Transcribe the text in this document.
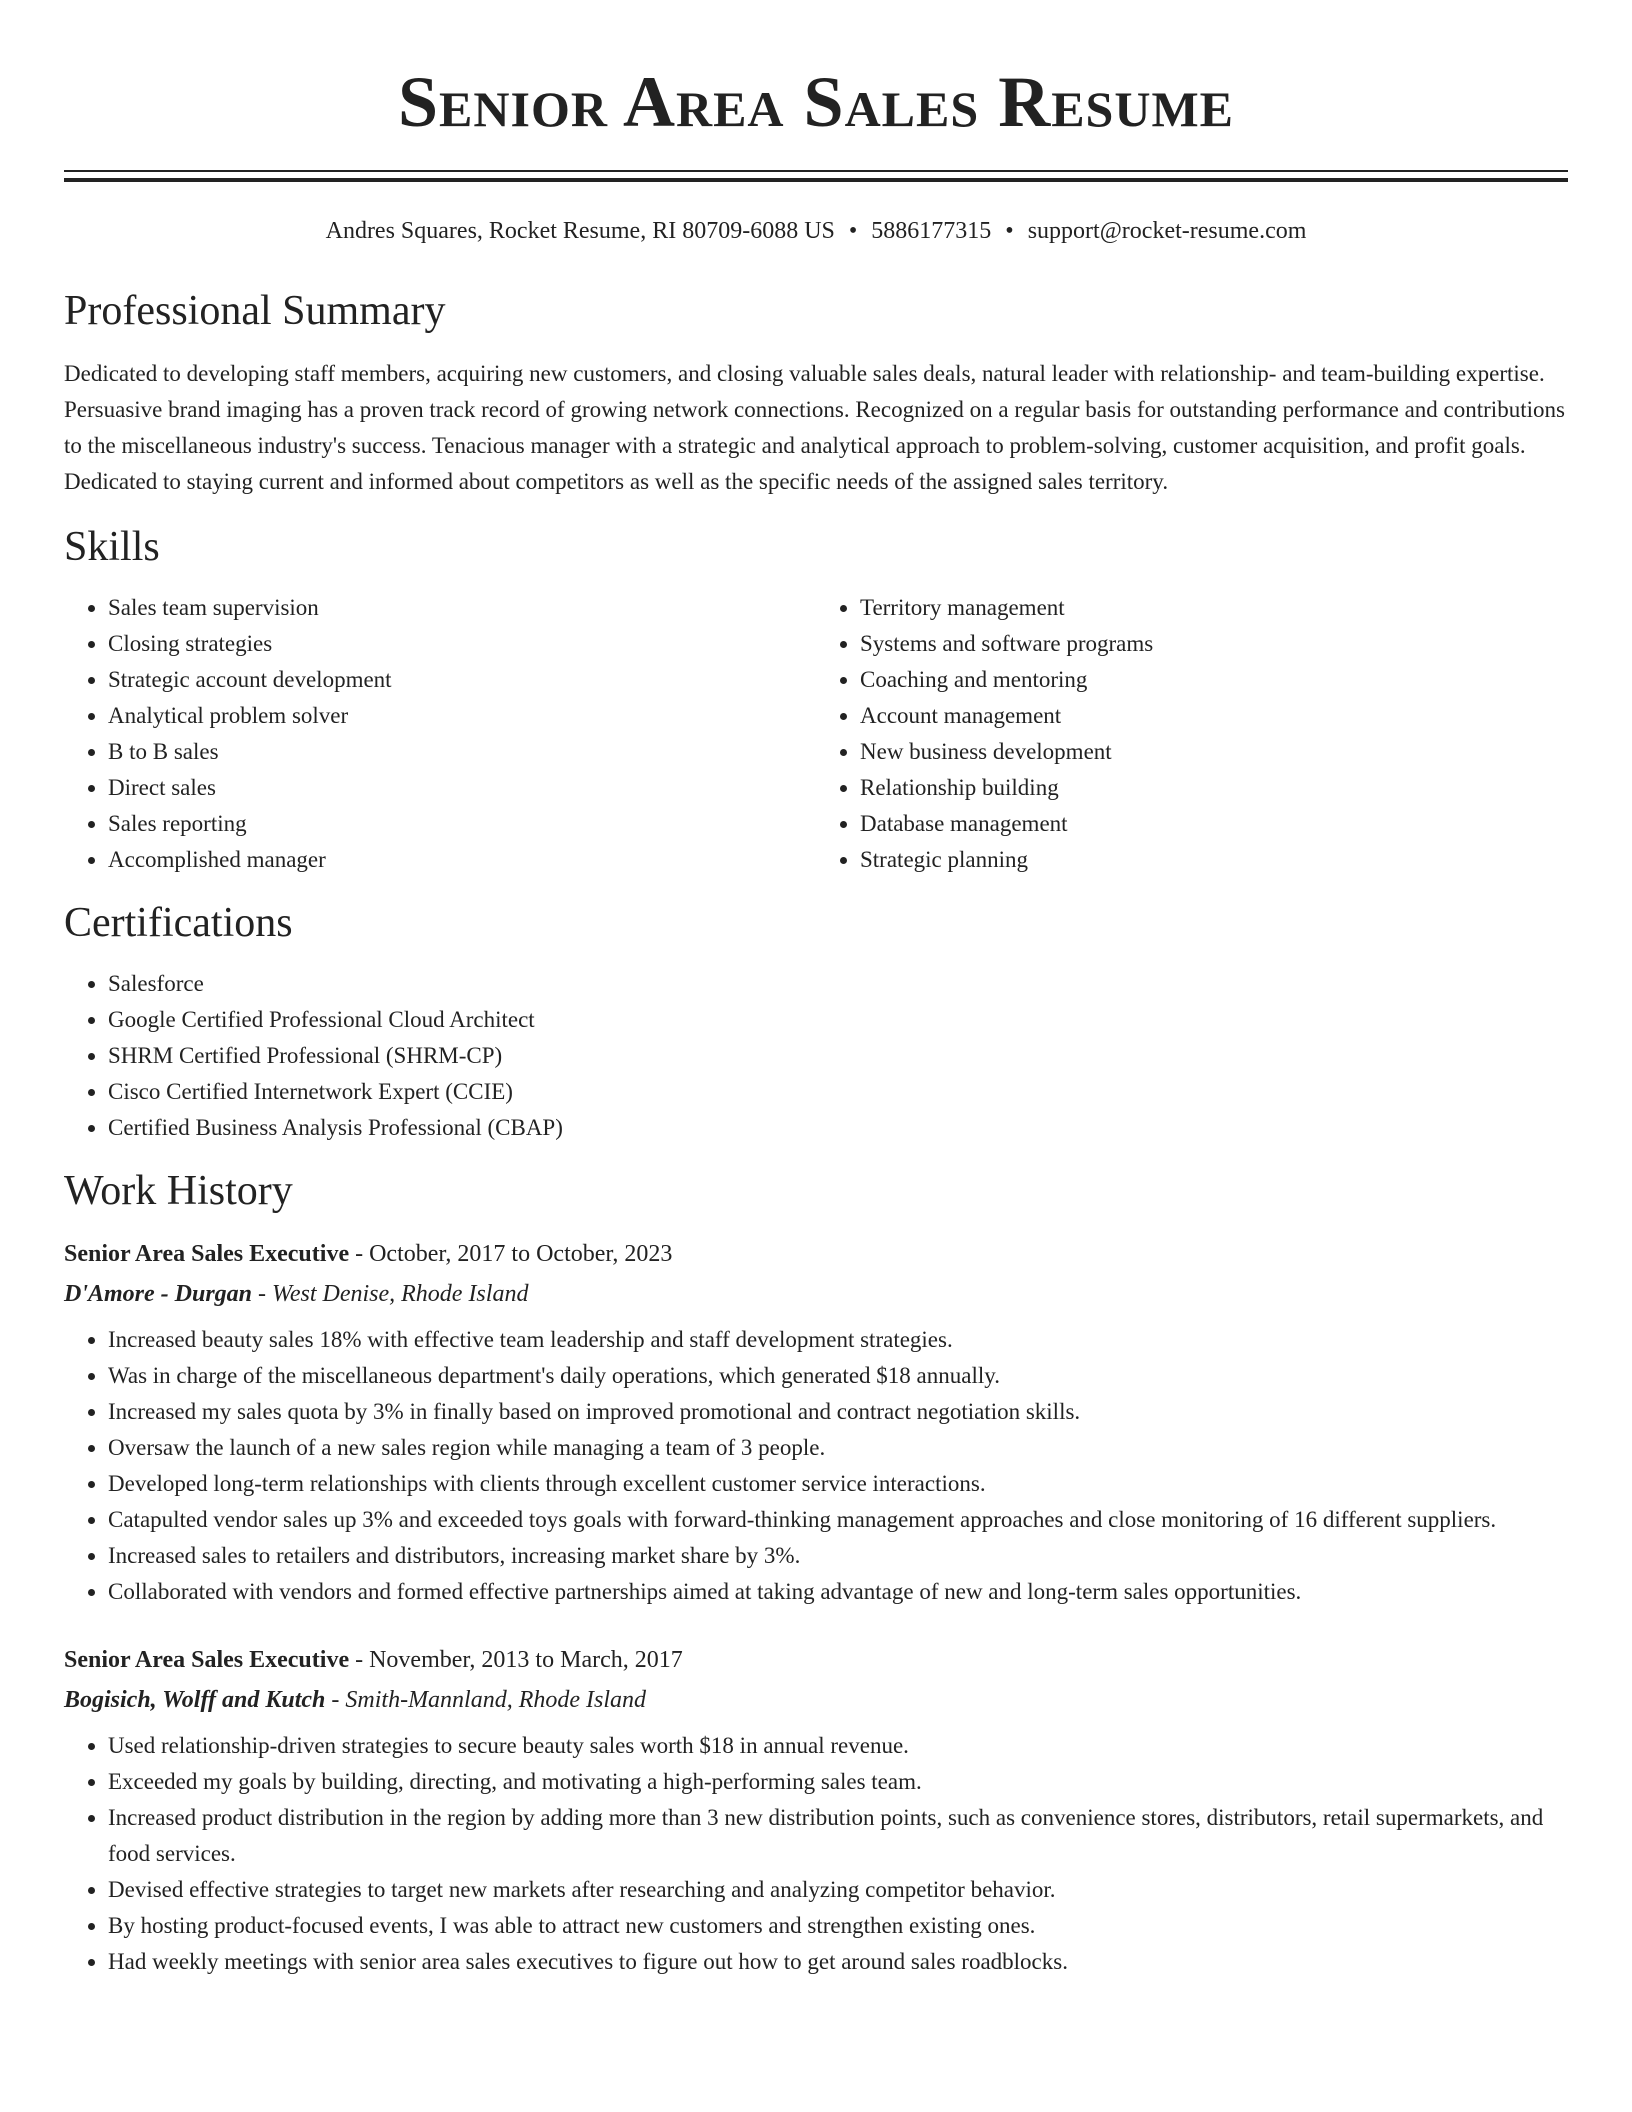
Senior Area Sales Resume
Andres Squares, Rocket Resume, RI 80709-6088 US • 5886177315 • support@rocket-resume.com
Professional Summary
Dedicated to developing staff members, acquiring new customers, and closing valuable sales deals, natural leader with relationship- and team-building expertise. Persuasive brand imaging has a proven track record of growing network connections. Recognized on a regular basis for outstanding performance and contributions to the miscellaneous industry's success. Tenacious manager with a strategic and analytical approach to problem-solving, customer acquisition, and profit goals. Dedicated to staying current and informed about competitors as well as the specific needs of the assigned sales territory.
Skills
• Sales team supervision
• Closing strategies
• Strategic account development
• Analytical problem solver
• B to B sales
• Direct sales
• Sales reporting
• Accomplished manager
• Territory management
• Systems and software programs
• Coaching and mentoring
• Account management
• New business development
• Relationship building
• Database management
• Strategic planning
Certifications
• Salesforce
• Google Certified Professional Cloud Architect
• SHRM Certified Professional (SHRM-CP)
• Cisco Certified Internetwork Expert (CCIE)
• Certified Business Analysis Professional (CBAP)
Work History
Senior Area Sales Executive - October, 2017 to October, 2023
D'Amore - Durgan - West Denise, Rhode Island
• Increased beauty sales 18% with effective team leadership and staff development strategies.
• Was in charge of the miscellaneous department's daily operations, which generated $18 annually.
• Increased my sales quota by 3% in finally based on improved promotional and contract negotiation skills.
• Oversaw the launch of a new sales region while managing a team of 3 people.
• Developed long-term relationships with clients through excellent customer service interactions.
• Catapulted vendor sales up 3% and exceeded toys goals with forward-thinking management approaches and close monitoring of 16 different suppliers.
• Increased sales to retailers and distributors, increasing market share by 3%.
• Collaborated with vendors and formed effective partnerships aimed at taking advantage of new and long-term sales opportunities.
Senior Area Sales Executive - November, 2013 to March, 2017
Bogisich, Wolff and Kutch - Smith-Mannland, Rhode Island
• Used relationship-driven strategies to secure beauty sales worth $18 in annual revenue.
• Exceeded my goals by building, directing, and motivating a high-performing sales team.
• Increased product distribution in the region by adding more than 3 new distribution points, such as convenience stores, distributors, retail supermarkets, and food services.
• Devised effective strategies to target new markets after researching and analyzing competitor behavior.
• By hosting product-focused events, I was able to attract new customers and strengthen existing ones.
• Had weekly meetings with senior area sales executives to figure out how to get around sales roadblocks.
